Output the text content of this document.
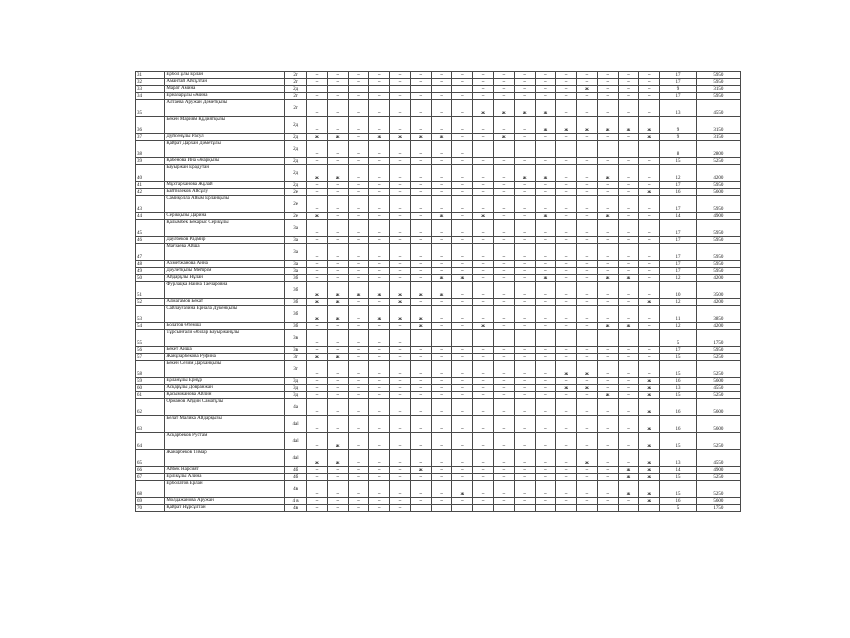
31	Ербол ұлы Ерлан	2г	–	–	–	–	–	–	–	–	–	–	–	–	–	–	–	–	–	17	5950
32	Амантай Айсұлтан	2г	–	–	–	–	–	–	–	–	–	–	–	–	–	–	–	–	–	17	5950
33	Марат Амина	2д									–	–	–	–	–	ж	–	–	–	9	3150
34	Ерназарұлы Әмина	2г	–	–	–	–	–	–	–	–	–	–	–	–	–	–	–	–	–	17	5950
35	Алтаева Аружан Дәметқызы	2г	–	–	–	–	–	–	–	–	ж	ж	ж	ж	–	–	–	–	–	13	4550
36	Бекен Мариям Құдиятқызы	2д	–	–	–	–	–	–	–	–	–	–	–	ж	ж	ж	ж	ж	ж	9	3150
37	Дүйсенұлы Расул	2д	ж	ж	–	ж	ж	ж	ж	–	–	ж	–	–	–	–	–	–	ж	9	3150
38	Қайрат Дархан Дәметұлы	2д	–	–	–	–	–	–	–	–										8	2800
39	Қабенова Ина Әнарқызы	2д	–	–	–	–	–	–	–	–	–	–	–	–	–	–	–	–	–	15	5250
40	Бауыржан Ерадутан	2д	ж	ж	–	–	–	–	–	–	–	–	ж	ж	–	–	ж	–	–	12	4200
41	Мұхтарханова Жұлай	2д	–	–	–	–	–	–	–	–	–	–	–	–	–	–	–	–	–	17	5950
42	Байтилеков Айсұлу	2е	–	–	–	–	–	–	–	–	–	–	–	–	–	–	–	–	ж	16	5600
43	Самиқолла Айым Ерланқызы	2е	–	–	–	–	–	–	–	–	–	–	–	–	–	–	–	–	–	17	5950
44	Серікқызы Дарина	2е	ж	–	–	–	–	–	ж	–	ж	–	–	ж	–	–	ж	–	–	14	4900
45	Қалымбек Бекарыс Серікұлы	3а	–	–	–	–	–	–	–	–	–	–	–	–	–	–	–	–	–	17	5950
46	Даулбеков Радмир	3а	–	–	–	–	–	–	–	–	–	–	–	–	–	–	–	–	–	17	5950
47	Мағзаева Айша	3а	–	–	–	–	–	–	–	–	–	–	–	–	–	–	–	–	–	17	5950
48	Ахметжанова Анна	3а	–	–	–	–	–	–	–	–	–	–	–	–	–	–	–	–	–	17	5950
49	Дәулетқызы Мейірім	3а	–	–	–	–	–	–	–	–	–	–	–	–	–	–	–	–	–	17	5950
50	Айдарұлы Нұлан	3б	–	–	–	–	–	–	ж	ж	–	–	–	ж	–	–	ж	ж	–	12	4200
51	Фурлацка Наина Таечаровна	3б	ж	ж	ж	ж	ж	ж	ж	–	–	–	–	–	–	–	–	–	–	10	3500
52	Алмагамов Бекат	3б	ж	ж	–	–	ж	–	–	–	–	–	–	–	–	–	–	–	ж	12	4200
53	Сайлауғазина Ернала Дүкенқызы	3б	ж	ж	–	ж	ж	ж	–	–	–	–	–	–	–	–	–	–	–	11	3850
54	Болатов Өтеміш	3б	–	–	–	–	–	ж	–	–	ж	–	–	–	–	–	ж	ж	–	12	4200
55	Тұрсынғали Әбілар Бауыржанұлы	3в	–	–	–	–	–													5	1750
56	Бекет Аиша	3в	–	–	–	–	–	–	–	–	–	–	–	–	–	–	–	–	–	17	5950
57	Жанұзарбекова Руфина	3г	ж	ж	–	–	–	–	–	–	–	–	–	–	–	–	–	–	–	15	5250
58	Бекен Сезим Дарханқызы	3г	–	–	–	–	–	–	–	–	–	–	–	–	ж	ж	–	–	–	15	5250
59	Ерланұлы Ернұр	3д	–	–	–	–	–	–	–	–	–	–	–	–	–	–	–	–	ж	16	5600
60	Асқарұлы Довранжан	3д	–	–	–	–	–	–	–	–	–	–	–	–	ж	ж	–	–	ж	13	4550
61	Қасымжанова Айлин	3д	–	–	–	–	–	–	–	–	–	–	–	–	–	–	ж	–	ж	15	5250
62	Орманов Айдин Саматұлы	4а	–	–	–	–	–	–	–	–	–	–	–	–	–	–	–	–	ж	16	5600
63	Белат Малика Айдарқызы	4аl	–	–	–	–	–	–	–	–	–	–	–	–	–	–	–	–	ж	16	5600
64	Асқарбеков Рустам	4аl	–	ж	–	–	–	–	–	–	–	–	–	–	–	–	–	–	ж	15	5250
65	Жанарбеков Тимар	4аl	ж	ж	–	–	–	–	–	–	–	–	–	–	–	ж	–	–	ж	13	4550
66	Айбек Нарсият	4б	–	–	–	–	–	ж	–	–	–	–	–	–	–	–	–	ж	ж	14	4900
67	Ерлікұлы Алина	4б	–	–	–	–	–	–	–	–	–	–	–	–	–	–	–	ж	ж	15	5250
68	Ерболатов Ерлан	4в	–	–	–	–	–	–	–	ж	–	–	–	–	–	–	–	ж	ж	15	5250
69	Молдажанова Аружан	4 в	–	–	–	–	–	–	–	–	–	–	–	–	–	–	–	–	ж	16	5600
70	Қайрат Нұрсұлтан	4в	–	–	–	–	–													5	1750
